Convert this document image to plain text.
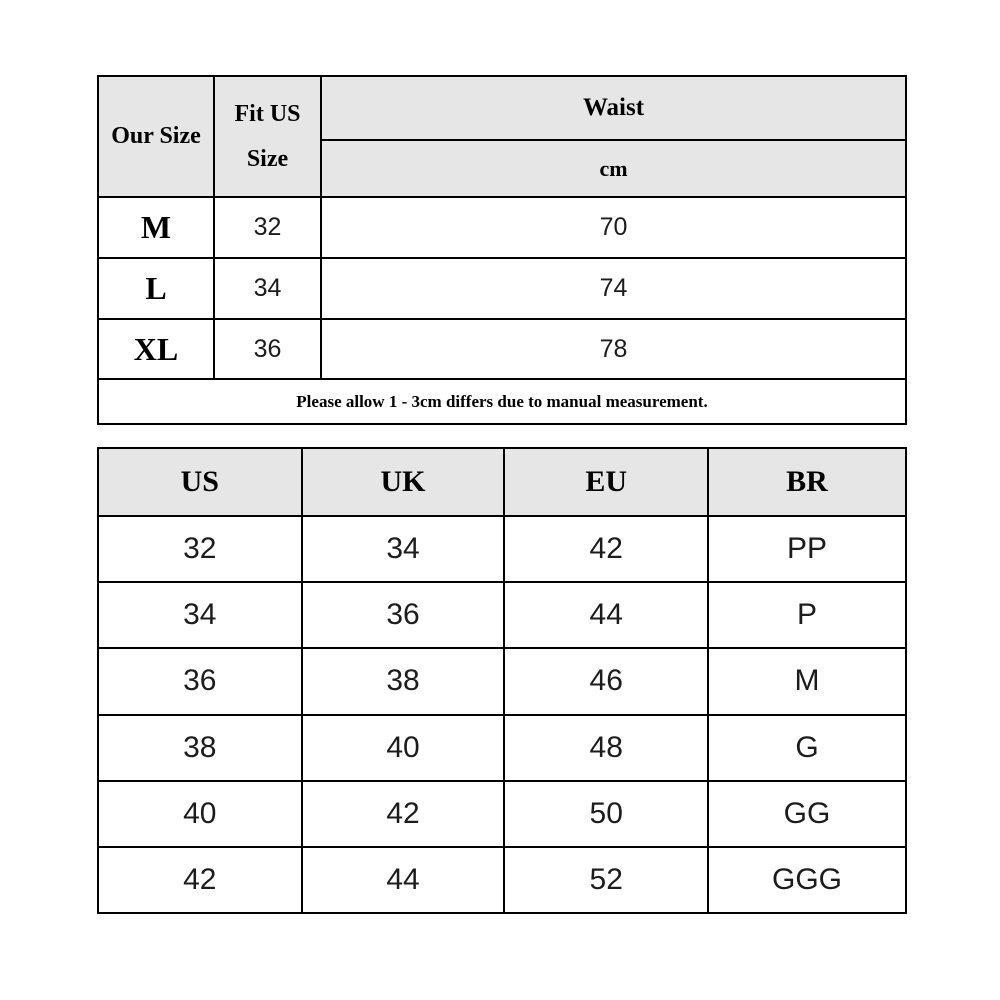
Our Size	Fit US Size	Waist
		cm
M	32	70
L	34	74
XL	36	78
Please allow 1 - 3cm differs due to manual measurement.		
US	UK	EU	BR
32	34	42	PP
34	36	44	P
36	38	46	M
38	40	48	G
40	42	50	GG
42	44	52	GGG
